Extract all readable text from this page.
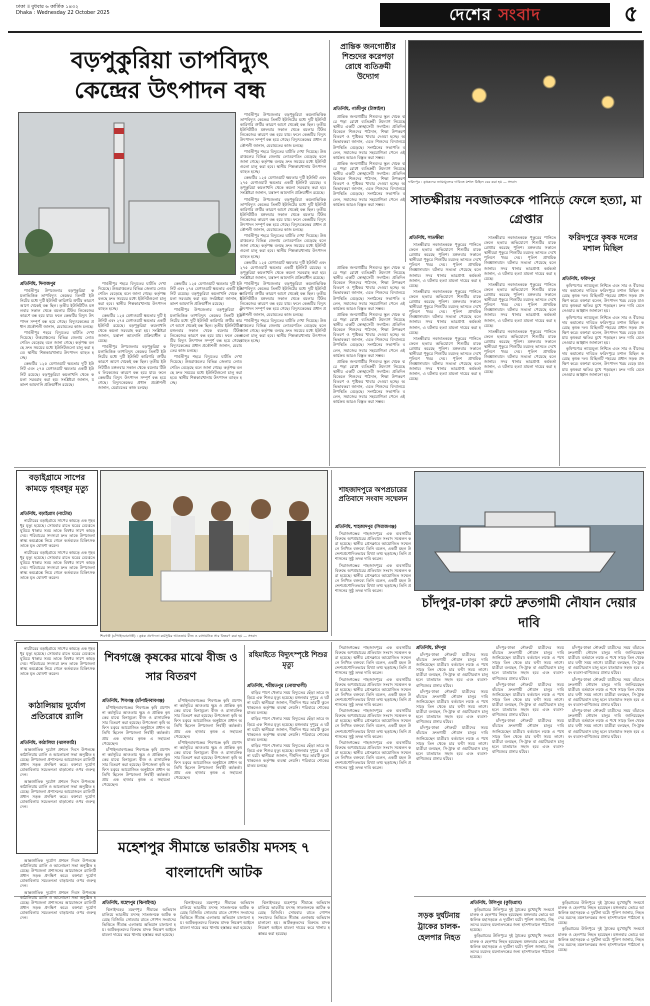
ঢাকা ॥ বুধবার ৬ কার্তিক ১৪৩২
Dhaka : Wednesday 22 October 2025	দেশের সংবাদ	৫
বড়পুকুরিয়া তাপবিদ্যুৎ
কেন্দ্রের উৎপাদন বন্ধ
প্রতিনিধি, দিনাজপুর

পার্বতীপুর উপজেলার বড়পুকুরিয়া কয়লাভিত্তিক তাপবিদ্যুৎ কেন্দ্রের তিনটি ইউনিটের মধ্যে দুটি ইউনিট কারিগরি ত্রুটির কারণে আগে থেকেই বন্ধ ছিল। তৃতীয় ইউনিটটিও মঙ্গলবার সকাল থেকে বয়লার টিউব লিকেজের কারণে বন্ধ হয়ে যায়। ফলে কেন্দ্রটির বিদ্যুৎ উৎপাদন সম্পূর্ণ বন্ধ হয়ে গেছে। বিদ্যুৎকেন্দ্রের প্রধান প্রকৌশলী জানান, মেরামতের কাজ চলছে।

পার্বতীপুর শহরে বিদ্যুতের ঘাটতি দেখা দিয়েছে। উত্তরাঞ্চলের বিভিন্ন জেলায় লোডশেডিং বেড়েছে বলে জানা গেছে। কর্তৃপক্ষ বলছে দ্রুত সময়ের মধ্যে ইউনিটগুলো চালু করা হবে। স্থানীয় শিল্পকারখানায় উৎপাদন ব্যাহত হচ্ছে।

কেন্দ্রটির ১২৫ মেগাওয়াট ক্ষমতার দুটি ইউনিট এবং ২৭৫ মেগাওয়াট ক্ষমতার একটি ইউনিট রয়েছে। বড়পুকুরিয়া কয়লাখনি থেকে কয়লা সরবরাহ করা হয়। সংশ্লিষ্টরা জানান, যন্ত্রাংশ আমদানি প্রক্রিয়াধীন রয়েছে।

পার্বতীপুর শহরে বিদ্যুতের ঘাটতি দেখা দিয়েছে। উত্তরাঞ্চলের বিভিন্ন জেলায় লোডশেডিং বেড়েছে বলে জানা গেছে। কর্তৃপক্ষ বলছে দ্রুত সময়ের মধ্যে ইউনিটগুলো চালু করা হবে। স্থানীয় শিল্পকারখানায় উৎপাদন ব্যাহত হচ্ছে।

কেন্দ্রটির ১২৫ মেগাওয়াট ক্ষমতার দুটি ইউনিট এবং ২৭৫ মেগাওয়াট ক্ষমতার একটি ইউনিট রয়েছে। বড়পুকুরিয়া কয়লাখনি থেকে কয়লা সরবরাহ করা হয়। সংশ্লিষ্টরা জানান, যন্ত্রাংশ আমদানি প্রক্রিয়াধীন রয়েছে।

পার্বতীপুর উপজেলার বড়পুকুরিয়া কয়লাভিত্তিক তাপবিদ্যুৎ কেন্দ্রের তিনটি ইউনিটের মধ্যে দুটি ইউনিট কারিগরি ত্রুটির কারণে আগে থেকেই বন্ধ ছিল। তৃতীয় ইউনিটটিও মঙ্গলবার সকাল থেকে বয়লার টিউব লিকেজের কারণে বন্ধ হয়ে যায়। ফলে কেন্দ্রটির বিদ্যুৎ উৎপাদন সম্পূর্ণ বন্ধ হয়ে গেছে। বিদ্যুৎকেন্দ্রের প্রধান প্রকৌশলী জানান, মেরামতের কাজ চলছে।

কেন্দ্রটির ১২৫ মেগাওয়াট ক্ষমতার দুটি ইউনিট এবং ২৭৫ মেগাওয়াট ক্ষমতার একটি ইউনিট রয়েছে। বড়পুকুরিয়া কয়লাখনি থেকে কয়লা সরবরাহ করা হয়। সংশ্লিষ্টরা জানান, যন্ত্রাংশ আমদানি প্রক্রিয়াধীন রয়েছে।

পার্বতীপুর উপজেলার বড়পুকুরিয়া কয়লাভিত্তিক তাপবিদ্যুৎ কেন্দ্রের তিনটি ইউনিটের মধ্যে দুটি ইউনিট কারিগরি ত্রুটির কারণে আগে থেকেই বন্ধ ছিল। তৃতীয় ইউনিটটিও মঙ্গলবার সকাল থেকে বয়লার টিউব লিকেজের কারণে বন্ধ হয়ে যায়। ফলে কেন্দ্রটির বিদ্যুৎ উৎপাদন সম্পূর্ণ বন্ধ হয়ে গেছে। বিদ্যুৎকেন্দ্রের প্রধান প্রকৌশলী জানান, মেরামতের কাজ চলছে।

পার্বতীপুর শহরে বিদ্যুতের ঘাটতি দেখা দিয়েছে। উত্তরাঞ্চলের বিভিন্ন জেলায় লোডশেডিং বেড়েছে বলে জানা গেছে। কর্তৃপক্ষ বলছে দ্রুত সময়ের মধ্যে ইউনিটগুলো চালু করা হবে। স্থানীয় শিল্পকারখানায় উৎপাদন ব্যাহত হচ্ছে।

পার্বতীপুর উপজেলার বড়পুকুরিয়া কয়লাভিত্তিক তাপবিদ্যুৎ কেন্দ্রের তিনটি ইউনিটের মধ্যে দুটি ইউনিট কারিগরি ত্রুটির কারণে আগে থেকেই বন্ধ ছিল। তৃতীয় ইউনিটটিও মঙ্গলবার সকাল থেকে বয়লার টিউব লিকেজের কারণে বন্ধ হয়ে যায়। ফলে কেন্দ্রটির বিদ্যুৎ উৎপাদন সম্পূর্ণ বন্ধ হয়ে গেছে। বিদ্যুৎকেন্দ্রের প্রধান প্রকৌশলী জানান, মেরামতের কাজ চলছে।

পার্বতীপুর শহরে বিদ্যুতের ঘাটতি দেখা দিয়েছে। উত্তরাঞ্চলের বিভিন্ন জেলায় লোডশেডিং বেড়েছে বলে জানা গেছে। কর্তৃপক্ষ বলছে দ্রুত সময়ের মধ্যে ইউনিটগুলো চালু করা হবে। স্থানীয় শিল্পকারখানায় উৎপাদন ব্যাহত হচ্ছে।

কেন্দ্রটির ১২৫ মেগাওয়াট ক্ষমতার দুটি ইউনিট এবং ২৭৫ মেগাওয়াট ক্ষমতার একটি ইউনিট রয়েছে। বড়পুকুরিয়া কয়লাখনি থেকে কয়লা সরবরাহ করা হয়। সংশ্লিষ্টরা জানান, যন্ত্রাংশ আমদানি প্রক্রিয়াধীন রয়েছে।

পার্বতীপুর উপজেলার বড়পুকুরিয়া কয়লাভিত্তিক তাপবিদ্যুৎ কেন্দ্রের তিনটি ইউনিটের মধ্যে দুটি ইউনিট কারিগরি ত্রুটির কারণে আগে থেকেই বন্ধ ছিল। তৃতীয় ইউনিটটিও মঙ্গলবার সকাল থেকে বয়লার টিউব লিকেজের কারণে বন্ধ হয়ে যায়। ফলে কেন্দ্রটির বিদ্যুৎ উৎপাদন সম্পূর্ণ বন্ধ হয়ে গেছে। বিদ্যুৎকেন্দ্রের প্রধান প্রকৌশলী জানান, মেরামতের কাজ চলছে।

পার্বতীপুর শহরে বিদ্যুতের ঘাটতি দেখা দিয়েছে। উত্তরাঞ্চলের বিভিন্ন জেলায় লোডশেডিং বেড়েছে বলে জানা গেছে। কর্তৃপক্ষ বলছে দ্রুত সময়ের মধ্যে ইউনিটগুলো চালু করা হবে। স্থানীয় শিল্পকারখানায় উৎপাদন ব্যাহত হচ্ছে।

কেন্দ্রটির ১২৫ মেগাওয়াট ক্ষমতার দুটি ইউনিট এবং ২৭৫ মেগাওয়াট ক্ষমতার একটি ইউনিট রয়েছে। বড়পুকুরিয়া কয়লাখনি থেকে কয়লা সরবরাহ করা হয়। সংশ্লিষ্টরা জানান, যন্ত্রাংশ আমদানি প্রক্রিয়াধীন রয়েছে।

পার্বতীপুর উপজেলার বড়পুকুরিয়া কয়লাভিত্তিক তাপবিদ্যুৎ কেন্দ্রের তিনটি ইউনিটের মধ্যে দুটি ইউনিট কারিগরি ত্রুটির কারণে আগে থেকেই বন্ধ ছিল। তৃতীয় ইউনিটটিও মঙ্গলবার সকাল থেকে বয়লার টিউব লিকেজের কারণে বন্ধ হয়ে যায়। ফলে কেন্দ্রটির বিদ্যুৎ উৎপাদন সম্পূর্ণ বন্ধ হয়ে গেছে। বিদ্যুৎকেন্দ্রের প্রধান প্রকৌশলী জানান, মেরামতের কাজ চলছে।

পার্বতীপুর শহরে বিদ্যুতের ঘাটতি দেখা দিয়েছে। উত্তরাঞ্চলের বিভিন্ন জেলায় লোডশেডিং বেড়েছে বলে জানা গেছে। কর্তৃপক্ষ বলছে দ্রুত সময়ের মধ্যে ইউনিটগুলো চালু করা হবে। স্থানীয় শিল্পকারখানায় উৎপাদন ব্যাহত হচ্ছে।

প্রান্তিক জনগোষ্ঠীর শিশুদের করেপড়া রোধে ব্যতিক্রমী উদ্যোগ
প্রতিনিধি, গাজীপুর (টাঙ্গাইল)

প্রান্তিক জনগোষ্ঠীর শিশুদের স্কুল থেকে ঝরে পড়া রোধে ব্যতিক্রমী উদ্যোগ নিয়েছে স্থানীয় একটি স্বেচ্ছাসেবী সংগঠন। প্রতিদিন বিকেলে শিশুদের পাঠদান, শিক্ষা উপকরণ বিতরণ ও পুষ্টিকর খাবার দেওয়া হচ্ছে। অভিভাবকরা জানান, এতে শিশুদের বিদ্যালয়ে উপস্থিতি বেড়েছে। সংগঠনের সভাপতি বলেন, সমাজের সবার সহযোগিতা পেলে এই কার্যক্রম আরও বিস্তৃত করা সম্ভব।

প্রান্তিক জনগোষ্ঠীর শিশুদের স্কুল থেকে ঝরে পড়া রোধে ব্যতিক্রমী উদ্যোগ নিয়েছে স্থানীয় একটি স্বেচ্ছাসেবী সংগঠন। প্রতিদিন বিকেলে শিশুদের পাঠদান, শিক্ষা উপকরণ বিতরণ ও পুষ্টিকর খাবার দেওয়া হচ্ছে। অভিভাবকরা জানান, এতে শিশুদের বিদ্যালয়ে উপস্থিতি বেড়েছে। সংগঠনের সভাপতি বলেন, সমাজের সবার সহযোগিতা পেলে এই কার্যক্রম আরও বিস্তৃত করা সম্ভব।

ফরিদপুর : কৃষকদের ন্যায্যমূল্যের দাবিতে মশাল মিছিল বের করা হয় — সংবাদ
সাতক্ষীরায় নবজাতককে পানিতে ফেলে হত্যা, মা গ্রেপ্তার

প্রান্তিক জনগোষ্ঠীর শিশুদের স্কুল থেকে ঝরে পড়া রোধে ব্যতিক্রমী উদ্যোগ নিয়েছে স্থানীয় একটি স্বেচ্ছাসেবী সংগঠন। প্রতিদিন বিকেলে শিশুদের পাঠদান, শিক্ষা উপকরণ বিতরণ ও পুষ্টিকর খাবার দেওয়া হচ্ছে। অভিভাবকরা জানান, এতে শিশুদের বিদ্যালয়ে উপস্থিতি বেড়েছে। সংগঠনের সভাপতি বলেন, সমাজের সবার সহযোগিতা পেলে এই কার্যক্রম আরও বিস্তৃত করা সম্ভব।

প্রান্তিক জনগোষ্ঠীর শিশুদের স্কুল থেকে ঝরে পড়া রোধে ব্যতিক্রমী উদ্যোগ নিয়েছে স্থানীয় একটি স্বেচ্ছাসেবী সংগঠন। প্রতিদিন বিকেলে শিশুদের পাঠদান, শিক্ষা উপকরণ বিতরণ ও পুষ্টিকর খাবার দেওয়া হচ্ছে। অভিভাবকরা জানান, এতে শিশুদের বিদ্যালয়ে উপস্থিতি বেড়েছে। সংগঠনের সভাপতি বলেন, সমাজের সবার সহযোগিতা পেলে এই কার্যক্রম আরও বিস্তৃত করা সম্ভব।

প্রান্তিক জনগোষ্ঠীর শিশুদের স্কুল থেকে ঝরে পড়া রোধে ব্যতিক্রমী উদ্যোগ নিয়েছে স্থানীয় একটি স্বেচ্ছাসেবী সংগঠন। প্রতিদিন বিকেলে শিশুদের পাঠদান, শিক্ষা উপকরণ বিতরণ ও পুষ্টিকর খাবার দেওয়া হচ্ছে। অভিভাবকরা জানান, এতে শিশুদের বিদ্যালয়ে উপস্থিতি বেড়েছে। সংগঠনের সভাপতি বলেন, সমাজের সবার সহযোগিতা পেলে এই কার্যক্রম আরও বিস্তৃত করা সম্ভব।

প্রতিনিধি, সাতক্ষীরা

সাতক্ষীরায় নবজাতককে পুকুরের পানিতে ফেলে হত্যার অভিযোগে শিশুটির মাকে গ্রেপ্তার করেছে পুলিশ। মঙ্গলবার সকালে স্থানীয়রা পুকুরে শিশুটির মরদেহ ভাসতে দেখে পুলিশে খবর দেয়। পুলিশ প্রাথমিক জিজ্ঞাসাবাদে ঘটনার সত্যতা পেয়েছে বলে জানায়। সদর থানার ভারপ্রাপ্ত কর্মকর্তা জানান, এ ঘটনায় হত্যা মামলা দায়ের করা হয়েছে।

সাতক্ষীরায় নবজাতককে পুকুরের পানিতে ফেলে হত্যার অভিযোগে শিশুটির মাকে গ্রেপ্তার করেছে পুলিশ। মঙ্গলবার সকালে স্থানীয়রা পুকুরে শিশুটির মরদেহ ভাসতে দেখে পুলিশে খবর দেয়। পুলিশ প্রাথমিক জিজ্ঞাসাবাদে ঘটনার সত্যতা পেয়েছে বলে জানায়। সদর থানার ভারপ্রাপ্ত কর্মকর্তা জানান, এ ঘটনায় হত্যা মামলা দায়ের করা হয়েছে।

সাতক্ষীরায় নবজাতককে পুকুরের পানিতে ফেলে হত্যার অভিযোগে শিশুটির মাকে গ্রেপ্তার করেছে পুলিশ। মঙ্গলবার সকালে স্থানীয়রা পুকুরে শিশুটির মরদেহ ভাসতে দেখে পুলিশে খবর দেয়। পুলিশ প্রাথমিক জিজ্ঞাসাবাদে ঘটনার সত্যতা পেয়েছে বলে জানায়। সদর থানার ভারপ্রাপ্ত কর্মকর্তা জানান, এ ঘটনায় হত্যা মামলা দায়ের করা হয়েছে।

সাতক্ষীরায় নবজাতককে পুকুরের পানিতে ফেলে হত্যার অভিযোগে শিশুটির মাকে গ্রেপ্তার করেছে পুলিশ। মঙ্গলবার সকালে স্থানীয়রা পুকুরে শিশুটির মরদেহ ভাসতে দেখে পুলিশে খবর দেয়। পুলিশ প্রাথমিক জিজ্ঞাসাবাদে ঘটনার সত্যতা পেয়েছে বলে জানায়। সদর থানার ভারপ্রাপ্ত কর্মকর্তা জানান, এ ঘটনায় হত্যা মামলা দায়ের করা হয়েছে।

সাতক্ষীরায় নবজাতককে পুকুরের পানিতে ফেলে হত্যার অভিযোগে শিশুটির মাকে গ্রেপ্তার করেছে পুলিশ। মঙ্গলবার সকালে স্থানীয়রা পুকুরে শিশুটির মরদেহ ভাসতে দেখে পুলিশে খবর দেয়। পুলিশ প্রাথমিক জিজ্ঞাসাবাদে ঘটনার সত্যতা পেয়েছে বলে জানায়। সদর থানার ভারপ্রাপ্ত কর্মকর্তা জানান, এ ঘটনায় হত্যা মামলা দায়ের করা হয়েছে।

সাতক্ষীরায় নবজাতককে পুকুরের পানিতে ফেলে হত্যার অভিযোগে শিশুটির মাকে গ্রেপ্তার করেছে পুলিশ। মঙ্গলবার সকালে স্থানীয়রা পুকুরে শিশুটির মরদেহ ভাসতে দেখে পুলিশে খবর দেয়। পুলিশ প্রাথমিক জিজ্ঞাসাবাদে ঘটনার সত্যতা পেয়েছে বলে জানায়। সদর থানার ভারপ্রাপ্ত কর্মকর্তা জানান, এ ঘটনায় হত্যা মামলা দায়ের করা হয়েছে।

ফরিদপুরে কৃষক দলের মশাল মিছিল
প্রতিনিধি, ফরিদপুর

কৃষিপণ্যের ন্যায্যমূল্য নিশ্চিত এবং সার ও বীজের দাম কমানোর দাবিতে ফরিদপুরে মশাল মিছিল করেছে কৃষক দল। মিছিলটি শহরের প্রধান সড়ক প্রদক্ষিণ করে। বক্তারা বলেন, উৎপাদন খরচ বেড়ে যাওয়ায় কৃষকরা ক্ষতির মুখে পড়ছেন। দ্রুত দাবি মেনে নেওয়ার আহ্বান জানানো হয়।

কৃষিপণ্যের ন্যায্যমূল্য নিশ্চিত এবং সার ও বীজের দাম কমানোর দাবিতে ফরিদপুরে মশাল মিছিল করেছে কৃষক দল। মিছিলটি শহরের প্রধান সড়ক প্রদক্ষিণ করে। বক্তারা বলেন, উৎপাদন খরচ বেড়ে যাওয়ায় কৃষকরা ক্ষতির মুখে পড়ছেন। দ্রুত দাবি মেনে নেওয়ার আহ্বান জানানো হয়।

কৃষিপণ্যের ন্যায্যমূল্য নিশ্চিত এবং সার ও বীজের দাম কমানোর দাবিতে ফরিদপুরে মশাল মিছিল করেছে কৃষক দল। মিছিলটি শহরের প্রধান সড়ক প্রদক্ষিণ করে। বক্তারা বলেন, উৎপাদন খরচ বেড়ে যাওয়ায় কৃষকরা ক্ষতির মুখে পড়ছেন। দ্রুত দাবি মেনে নেওয়ার আহ্বান জানানো হয়।

বড়াইগ্রামে সাপের কামড়ে গৃহবধূর মৃত্যু
প্রতিনিধি, বড়াইগ্রাম (নাটোর)

নাটোরের বড়াইগ্রামে সাপের কামড়ে এক গৃহবধূর মৃত্যু হয়েছে। সোমবার রাতে ঘরের মেঝেতে ঘুমিয়ে থাকার সময় তাকে বিষধর সাপে কামড় দেয়। পরিবারের সদস্যরা দ্রুত তাকে উপজেলা স্বাস্থ্য কমপ্লেক্সে নিয়ে গেলে কর্তব্যরত চিকিৎসক তাকে মৃত ঘোষণা করেন।

নাটোরের বড়াইগ্রামে সাপের কামড়ে এক গৃহবধূর মৃত্যু হয়েছে। সোমবার রাতে ঘরের মেঝেতে ঘুমিয়ে থাকার সময় তাকে বিষধর সাপে কামড় দেয়। পরিবারের সদস্যরা দ্রুত তাকে উপজেলা স্বাস্থ্য কমপ্লেক্সে নিয়ে গেলে কর্তব্যরত চিকিৎসক তাকে মৃত ঘোষণা করেন।

শিবগঞ্জ (চাঁপাইনবাবগঞ্জ) : কৃষক প্রণোদনা কর্মসূচির আওতায় বীজ ও রাসায়নিক সার বিতরণ করা হয় — সংবাদ
শাহজাদপুরে অপপ্রচারের প্রতিবাদে সংবাদ সম্মেলন
প্রতিনিধি, শাহজাদপুর (সিরাজগঞ্জ)

সিরাজগঞ্জের শাহজাদপুরে এক ব্যবসায়ীর বিরুদ্ধে অপপ্রচারের প্রতিবাদে সংবাদ সম্মেলন করা হয়েছে। স্থানীয় প্রেসক্লাবে আয়োজিত সম্মেলনে লিখিত বক্তব্যে তিনি বলেন, একটি মহল উদ্দেশ্যপ্রণোদিতভাবে মিথ্যা তথ্য ছড়াচ্ছে। তিনি প্রশাসনের সুষ্ঠু তদন্ত দাবি করেন।

সিরাজগঞ্জের শাহজাদপুরে এক ব্যবসায়ীর বিরুদ্ধে অপপ্রচারের প্রতিবাদে সংবাদ সম্মেলন করা হয়েছে। স্থানীয় প্রেসক্লাবে আয়োজিত সম্মেলনে লিখিত বক্তব্যে তিনি বলেন, একটি মহল উদ্দেশ্যপ্রণোদিতভাবে মিথ্যা তথ্য ছড়াচ্ছে। তিনি প্রশাসনের সুষ্ঠু তদন্ত দাবি করেন।

চাঁদপুর-ঢাকা রুটে দ্রুতগামী নৌযান দেয়ার দাবি
শিবগঞ্জে কৃষকের মাঝে বীজ ও সার বিতরণ
রহিমাইতে বিদ্যুৎস্পৃষ্টে শিশুর মৃত্যু
কাঠালিয়ায় দুর্যোগ প্রতিরোধে র‌্যালি

নাটোরের বড়াইগ্রামে সাপের কামড়ে এক গৃহবধূর মৃত্যু হয়েছে। সোমবার রাতে ঘরের মেঝেতে ঘুমিয়ে থাকার সময় তাকে বিষধর সাপে কামড় দেয়। পরিবারের সদস্যরা দ্রুত তাকে উপজেলা স্বাস্থ্য কমপ্লেক্সে নিয়ে গেলে কর্তব্যরত চিকিৎসক তাকে মৃত ঘোষণা করেন।

প্রতিনিধি, কাঠালিয়া (ঝালকাঠি)

আন্তর্জাতিক দুর্যোগ প্রশমন দিবস উপলক্ষে কাঠালিয়ায় র‌্যালি ও আলোচনা সভা অনুষ্ঠিত হয়েছে। উপজেলা প্রশাসনের আয়োজনে র‌্যালিটি প্রধান সড়ক প্রদক্ষিণ করে। বক্তারা দুর্যোগ মোকাবিলায় সচেতনতা বাড়ানোর ওপর গুরুত্ব দেন।

আন্তর্জাতিক দুর্যোগ প্রশমন দিবস উপলক্ষে কাঠালিয়ায় র‌্যালি ও আলোচনা সভা অনুষ্ঠিত হয়েছে। উপজেলা প্রশাসনের আয়োজনে র‌্যালিটি প্রধান সড়ক প্রদক্ষিণ করে। বক্তারা দুর্যোগ মোকাবিলায় সচেতনতা বাড়ানোর ওপর গুরুত্ব দেন।

প্রতিনিধি, শিবগঞ্জ (চাঁপাইনবাবগঞ্জ)

চাঁপাইনবাবগঞ্জের শিবগঞ্জে কৃষি প্রণোদনা কর্মসূচির আওতায় ক্ষুদ্র ও প্রান্তিক কৃষকের মাঝে বিনামূল্যে বীজ ও রাসায়নিক সার বিতরণ করা হয়েছে। উপজেলা কৃষি অফিস চত্বরে আয়োজিত অনুষ্ঠানে প্রধান অতিথি ছিলেন উপজেলা নির্বাহী কর্মকর্তা। প্রায় এক হাজার কৃষক এ সহায়তা পেয়েছেন।

চাঁপাইনবাবগঞ্জের শিবগঞ্জে কৃষি প্রণোদনা কর্মসূচির আওতায় ক্ষুদ্র ও প্রান্তিক কৃষকের মাঝে বিনামূল্যে বীজ ও রাসায়নিক সার বিতরণ করা হয়েছে। উপজেলা কৃষি অফিস চত্বরে আয়োজিত অনুষ্ঠানে প্রধান অতিথি ছিলেন উপজেলা নির্বাহী কর্মকর্তা। প্রায় এক হাজার কৃষক এ সহায়তা পেয়েছেন।

চাঁপাইনবাবগঞ্জের শিবগঞ্জে কৃষি প্রণোদনা কর্মসূচির আওতায় ক্ষুদ্র ও প্রান্তিক কৃষকের মাঝে বিনামূল্যে বীজ ও রাসায়নিক সার বিতরণ করা হয়েছে। উপজেলা কৃষি অফিস চত্বরে আয়োজিত অনুষ্ঠানে প্রধান অতিথি ছিলেন উপজেলা নির্বাহী কর্মকর্তা। প্রায় এক হাজার কৃষক এ সহায়তা পেয়েছেন।

চাঁপাইনবাবগঞ্জের শিবগঞ্জে কৃষি প্রণোদনা কর্মসূচির আওতায় ক্ষুদ্র ও প্রান্তিক কৃষকের মাঝে বিনামূল্যে বীজ ও রাসায়নিক সার বিতরণ করা হয়েছে। উপজেলা কৃষি অফিস চত্বরে আয়োজিত অনুষ্ঠানে প্রধান অতিথি ছিলেন উপজেলা নির্বাহী কর্মকর্তা। প্রায় এক হাজার কৃষক এ সহায়তা পেয়েছেন।

প্রতিনিধি, শরীয়তপুর (নোয়াখালী)

বাড়ির পাশে খেলার সময় বিদ্যুতের ছেঁড়া তারে জড়িয়ে এক শিশুর মৃত্যু হয়েছে। মঙ্গলবার দুপুরে এ ঘটনা ঘটে। স্থানীয়রা জানান, দীর্ঘদিন ধরে তারটি ঝুলে থাকলেও কর্তৃপক্ষ ব্যবস্থা নেয়নি। পরিবারে শোকের মাতম চলছে।

বাড়ির পাশে খেলার সময় বিদ্যুতের ছেঁড়া তারে জড়িয়ে এক শিশুর মৃত্যু হয়েছে। মঙ্গলবার দুপুরে এ ঘটনা ঘটে। স্থানীয়রা জানান, দীর্ঘদিন ধরে তারটি ঝুলে থাকলেও কর্তৃপক্ষ ব্যবস্থা নেয়নি। পরিবারে শোকের মাতম চলছে।

বাড়ির পাশে খেলার সময় বিদ্যুতের ছেঁড়া তারে জড়িয়ে এক শিশুর মৃত্যু হয়েছে। মঙ্গলবার দুপুরে এ ঘটনা ঘটে। স্থানীয়রা জানান, দীর্ঘদিন ধরে তারটি ঝুলে থাকলেও কর্তৃপক্ষ ব্যবস্থা নেয়নি। পরিবারে শোকের মাতম চলছে।

সিরাজগঞ্জের শাহজাদপুরে এক ব্যবসায়ীর বিরুদ্ধে অপপ্রচারের প্রতিবাদে সংবাদ সম্মেলন করা হয়েছে। স্থানীয় প্রেসক্লাবে আয়োজিত সম্মেলনে লিখিত বক্তব্যে তিনি বলেন, একটি মহল উদ্দেশ্যপ্রণোদিতভাবে মিথ্যা তথ্য ছড়াচ্ছে। তিনি প্রশাসনের সুষ্ঠু তদন্ত দাবি করেন।

সিরাজগঞ্জের শাহজাদপুরে এক ব্যবসায়ীর বিরুদ্ধে অপপ্রচারের প্রতিবাদে সংবাদ সম্মেলন করা হয়েছে। স্থানীয় প্রেসক্লাবে আয়োজিত সম্মেলনে লিখিত বক্তব্যে তিনি বলেন, একটি মহল উদ্দেশ্যপ্রণোদিতভাবে মিথ্যা তথ্য ছড়াচ্ছে। তিনি প্রশাসনের সুষ্ঠু তদন্ত দাবি করেন।

সিরাজগঞ্জের শাহজাদপুরে এক ব্যবসায়ীর বিরুদ্ধে অপপ্রচারের প্রতিবাদে সংবাদ সম্মেলন করা হয়েছে। স্থানীয় প্রেসক্লাবে আয়োজিত সম্মেলনে লিখিত বক্তব্যে তিনি বলেন, একটি মহল উদ্দেশ্যপ্রণোদিতভাবে মিথ্যা তথ্য ছড়াচ্ছে। তিনি প্রশাসনের সুষ্ঠু তদন্ত দাবি করেন।

সিরাজগঞ্জের শাহজাদপুরে এক ব্যবসায়ীর বিরুদ্ধে অপপ্রচারের প্রতিবাদে সংবাদ সম্মেলন করা হয়েছে। স্থানীয় প্রেসক্লাবে আয়োজিত সম্মেলনে লিখিত বক্তব্যে তিনি বলেন, একটি মহল উদ্দেশ্যপ্রণোদিতভাবে মিথ্যা তথ্য ছড়াচ্ছে। তিনি প্রশাসনের সুষ্ঠু তদন্ত দাবি করেন।

প্রতিনিধি, চাঁদপুর

চাঁদপুর-ঢাকা নৌরুটে যাত্রীদের সময় বাঁচাতে দ্রুতগামী নৌযান চালুর দাবি জানিয়েছেন যাত্রীরা। বর্তমানে লঞ্চে এ পথে সাড়ে তিন থেকে চার ঘণ্টা সময় লাগে। যাত্রীরা বলছেন, সি-ট্রাক বা ওয়াটারবাস চালু হলে যাতায়াত সহজ হবে এবং ব্যবসা-বাণিজ্যের প্রসার ঘটবে।

চাঁদপুর-ঢাকা নৌরুটে যাত্রীদের সময় বাঁচাতে দ্রুতগামী নৌযান চালুর দাবি জানিয়েছেন যাত্রীরা। বর্তমানে লঞ্চে এ পথে সাড়ে তিন থেকে চার ঘণ্টা সময় লাগে। যাত্রীরা বলছেন, সি-ট্রাক বা ওয়াটারবাস চালু হলে যাতায়াত সহজ হবে এবং ব্যবসা-বাণিজ্যের প্রসার ঘটবে।

চাঁদপুর-ঢাকা নৌরুটে যাত্রীদের সময় বাঁচাতে দ্রুতগামী নৌযান চালুর দাবি জানিয়েছেন যাত্রীরা। বর্তমানে লঞ্চে এ পথে সাড়ে তিন থেকে চার ঘণ্টা সময় লাগে। যাত্রীরা বলছেন, সি-ট্রাক বা ওয়াটারবাস চালু হলে যাতায়াত সহজ হবে এবং ব্যবসা-বাণিজ্যের প্রসার ঘটবে।

চাঁদপুর-ঢাকা নৌরুটে যাত্রীদের সময় বাঁচাতে দ্রুতগামী নৌযান চালুর দাবি জানিয়েছেন যাত্রীরা। বর্তমানে লঞ্চে এ পথে সাড়ে তিন থেকে চার ঘণ্টা সময় লাগে। যাত্রীরা বলছেন, সি-ট্রাক বা ওয়াটারবাস চালু হলে যাতায়াত সহজ হবে এবং ব্যবসা-বাণিজ্যের প্রসার ঘটবে।

চাঁদপুর-ঢাকা নৌরুটে যাত্রীদের সময় বাঁচাতে দ্রুতগামী নৌযান চালুর দাবি জানিয়েছেন যাত্রীরা। বর্তমানে লঞ্চে এ পথে সাড়ে তিন থেকে চার ঘণ্টা সময় লাগে। যাত্রীরা বলছেন, সি-ট্রাক বা ওয়াটারবাস চালু হলে যাতায়াত সহজ হবে এবং ব্যবসা-বাণিজ্যের প্রসার ঘটবে।

চাঁদপুর-ঢাকা নৌরুটে যাত্রীদের সময় বাঁচাতে দ্রুতগামী নৌযান চালুর দাবি জানিয়েছেন যাত্রীরা। বর্তমানে লঞ্চে এ পথে সাড়ে তিন থেকে চার ঘণ্টা সময় লাগে। যাত্রীরা বলছেন, সি-ট্রাক বা ওয়াটারবাস চালু হলে যাতায়াত সহজ হবে এবং ব্যবসা-বাণিজ্যের প্রসার ঘটবে।

চাঁদপুর-ঢাকা নৌরুটে যাত্রীদের সময় বাঁচাতে দ্রুতগামী নৌযান চালুর দাবি জানিয়েছেন যাত্রীরা। বর্তমানে লঞ্চে এ পথে সাড়ে তিন থেকে চার ঘণ্টা সময় লাগে। যাত্রীরা বলছেন, সি-ট্রাক বা ওয়াটারবাস চালু হলে যাতায়াত সহজ হবে এবং ব্যবসা-বাণিজ্যের প্রসার ঘটবে।

চাঁদপুর-ঢাকা নৌরুটে যাত্রীদের সময় বাঁচাতে দ্রুতগামী নৌযান চালুর দাবি জানিয়েছেন যাত্রীরা। বর্তমানে লঞ্চে এ পথে সাড়ে তিন থেকে চার ঘণ্টা সময় লাগে। যাত্রীরা বলছেন, সি-ট্রাক বা ওয়াটারবাস চালু হলে যাতায়াত সহজ হবে এবং ব্যবসা-বাণিজ্যের প্রসার ঘটবে।

চাঁদপুর-ঢাকা নৌরুটে যাত্রীদের সময় বাঁচাতে দ্রুতগামী নৌযান চালুর দাবি জানিয়েছেন যাত্রীরা। বর্তমানে লঞ্চে এ পথে সাড়ে তিন থেকে চার ঘণ্টা সময় লাগে। যাত্রীরা বলছেন, সি-ট্রাক বা ওয়াটারবাস চালু হলে যাতায়াত সহজ হবে এবং ব্যবসা-বাণিজ্যের প্রসার ঘটবে।

মহেশপুর সীমান্তে ভারতীয় মদসহ ৭ বাংলাদেশি আটক
প্রতিনিধি, মহেশপুর (ঝিনাইদহ)

ঝিনাইদহের মহেশপুর সীমান্তে অভিযান চালিয়ে ভারতীয় মদসহ সাতজনকে আটক করেছে বিজিবি। সোমবার রাতে গোপন সংবাদের ভিত্তিতে সীমান্ত এলাকায় অভিযান চালানো হয়। আটককৃতদের বিরুদ্ধে মাদক নিয়ন্ত্রণ আইনে মামলা দায়ের করে থানায় হস্তান্তর করা হয়েছে।

ঝিনাইদহের মহেশপুর সীমান্তে অভিযান চালিয়ে ভারতীয় মদসহ সাতজনকে আটক করেছে বিজিবি। সোমবার রাতে গোপন সংবাদের ভিত্তিতে সীমান্ত এলাকায় অভিযান চালানো হয়। আটককৃতদের বিরুদ্ধে মাদক নিয়ন্ত্রণ আইনে মামলা দায়ের করে থানায় হস্তান্তর করা হয়েছে।

ঝিনাইদহের মহেশপুর সীমান্তে অভিযান চালিয়ে ভারতীয় মদসহ সাতজনকে আটক করেছে বিজিবি। সোমবার রাতে গোপন সংবাদের ভিত্তিতে সীমান্ত এলাকায় অভিযান চালানো হয়। আটককৃতদের বিরুদ্ধে মাদক নিয়ন্ত্রণ আইনে মামলা দায়ের করে থানায় হস্তান্তর করা হয়েছে।

আন্তর্জাতিক দুর্যোগ প্রশমন দিবস উপলক্ষে কাঠালিয়ায় র‌্যালি ও আলোচনা সভা অনুষ্ঠিত হয়েছে। উপজেলা প্রশাসনের আয়োজনে র‌্যালিটি প্রধান সড়ক প্রদক্ষিণ করে। বক্তারা দুর্যোগ মোকাবিলায় সচেতনতা বাড়ানোর ওপর গুরুত্ব দেন।

আন্তর্জাতিক দুর্যোগ প্রশমন দিবস উপলক্ষে কাঠালিয়ায় র‌্যালি ও আলোচনা সভা অনুষ্ঠিত হয়েছে। উপজেলা প্রশাসনের আয়োজনে র‌্যালিটি প্রধান সড়ক প্রদক্ষিণ করে। বক্তারা দুর্যোগ মোকাবিলায় সচেতনতা বাড়ানোর ওপর গুরুত্ব দেন।	সড়ক দুর্ঘটনায় ট্রাকের চালক-হেলপার নিহত
প্রতিনিধি, উলিপুর (কুড়িগ্রাম)

কুড়িগ্রামের উলিপুরে দুই ট্রাকের মুখোমুখি সংঘর্ষে চালক ও হেলপার নিহত হয়েছেন। মঙ্গলবার ভোরে আঞ্চলিক মহাসড়কে এ দুর্ঘটনা ঘটে। পুলিশ জানায়, নিহতদের মরদেহ ময়নাতদন্তের জন্য হাসপাতালে পাঠানো হয়েছে।

কুড়িগ্রামের উলিপুরে দুই ট্রাকের মুখোমুখি সংঘর্ষে চালক ও হেলপার নিহত হয়েছেন। মঙ্গলবার ভোরে আঞ্চলিক মহাসড়কে এ দুর্ঘটনা ঘটে। পুলিশ জানায়, নিহতদের মরদেহ ময়নাতদন্তের জন্য হাসপাতালে পাঠানো হয়েছে।

কুড়িগ্রামের উলিপুরে দুই ট্রাকের মুখোমুখি সংঘর্ষে চালক ও হেলপার নিহত হয়েছেন। মঙ্গলবার ভোরে আঞ্চলিক মহাসড়কে এ দুর্ঘটনা ঘটে। পুলিশ জানায়, নিহতদের মরদেহ ময়নাতদন্তের জন্য হাসপাতালে পাঠানো হয়েছে।

কুড়িগ্রামের উলিপুরে দুই ট্রাকের মুখোমুখি সংঘর্ষে চালক ও হেলপার নিহত হয়েছেন। মঙ্গলবার ভোরে আঞ্চলিক মহাসড়কে এ দুর্ঘটনা ঘটে। পুলিশ জানায়, নিহতদের মরদেহ ময়নাতদন্তের জন্য হাসপাতালে পাঠানো হয়েছে।
